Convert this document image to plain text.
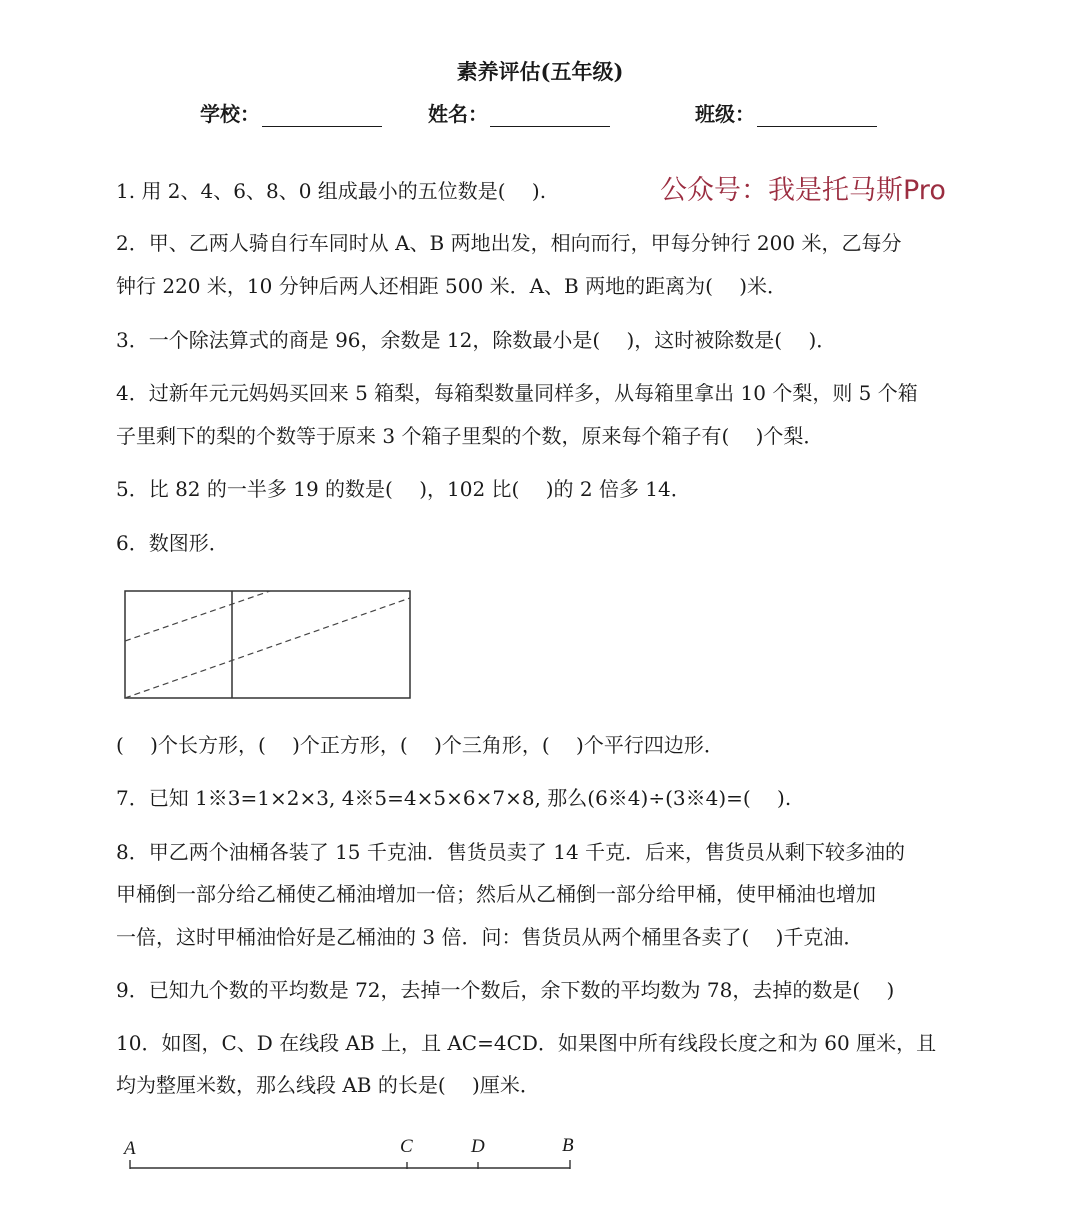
素养评估(五年级)
学校：	姓名：	班级：
公众号：我是托马斯Pro
1. 用 2、4、6、8、0 组成最小的五位数是(　 ).
2．甲、乙两人骑自行车同时从 A、B 两地出发，相向而行，甲每分钟行 200 米，乙每分
钟行 220 米，10 分钟后两人还相距 500 米．A、B 两地的距离为(　 )米．
3．一个除法算式的商是 96，余数是 12，除数最小是(　 )，这时被除数是(　 )．
4．过新年元元妈妈买回来 5 箱梨，每箱梨数量同样多，从每箱里拿出 10 个梨，则 5 个箱
子里剩下的梨的个数等于原来 3 个箱子里梨的个数，原来每个箱子有(　 )个梨．
5．比 82 的一半多 19 的数是(　 )，102 比(　 )的 2 倍多 14．
6．数图形．
(　 )个长方形，(　 )个正方形，(　 )个三角形，(　 )个平行四边形．
7．已知 1※3=1×2×3, 4※5=4×5×6×7×8, 那么(6※4)÷(3※4)=(　 ).
8．甲乙两个油桶各装了 15 千克油．售货员卖了 14 千克．后来，售货员从剩下较多油的
甲桶倒一部分给乙桶使乙桶油增加一倍；然后从乙桶倒一部分给甲桶，使甲桶油也增加
一倍，这时甲桶油恰好是乙桶油的 3 倍．问：售货员从两个桶里各卖了(　 )千克油．
9．已知九个数的平均数是 72，去掉一个数后，余下数的平均数为 78，去掉的数是(　 )
10．如图，C、D 在线段 AB 上，且 AC=4CD．如果图中所有线段长度之和为 60 厘米，且
均为整厘米数，那么线段 AB 的长是(　 )厘米．
A	C	D	B
